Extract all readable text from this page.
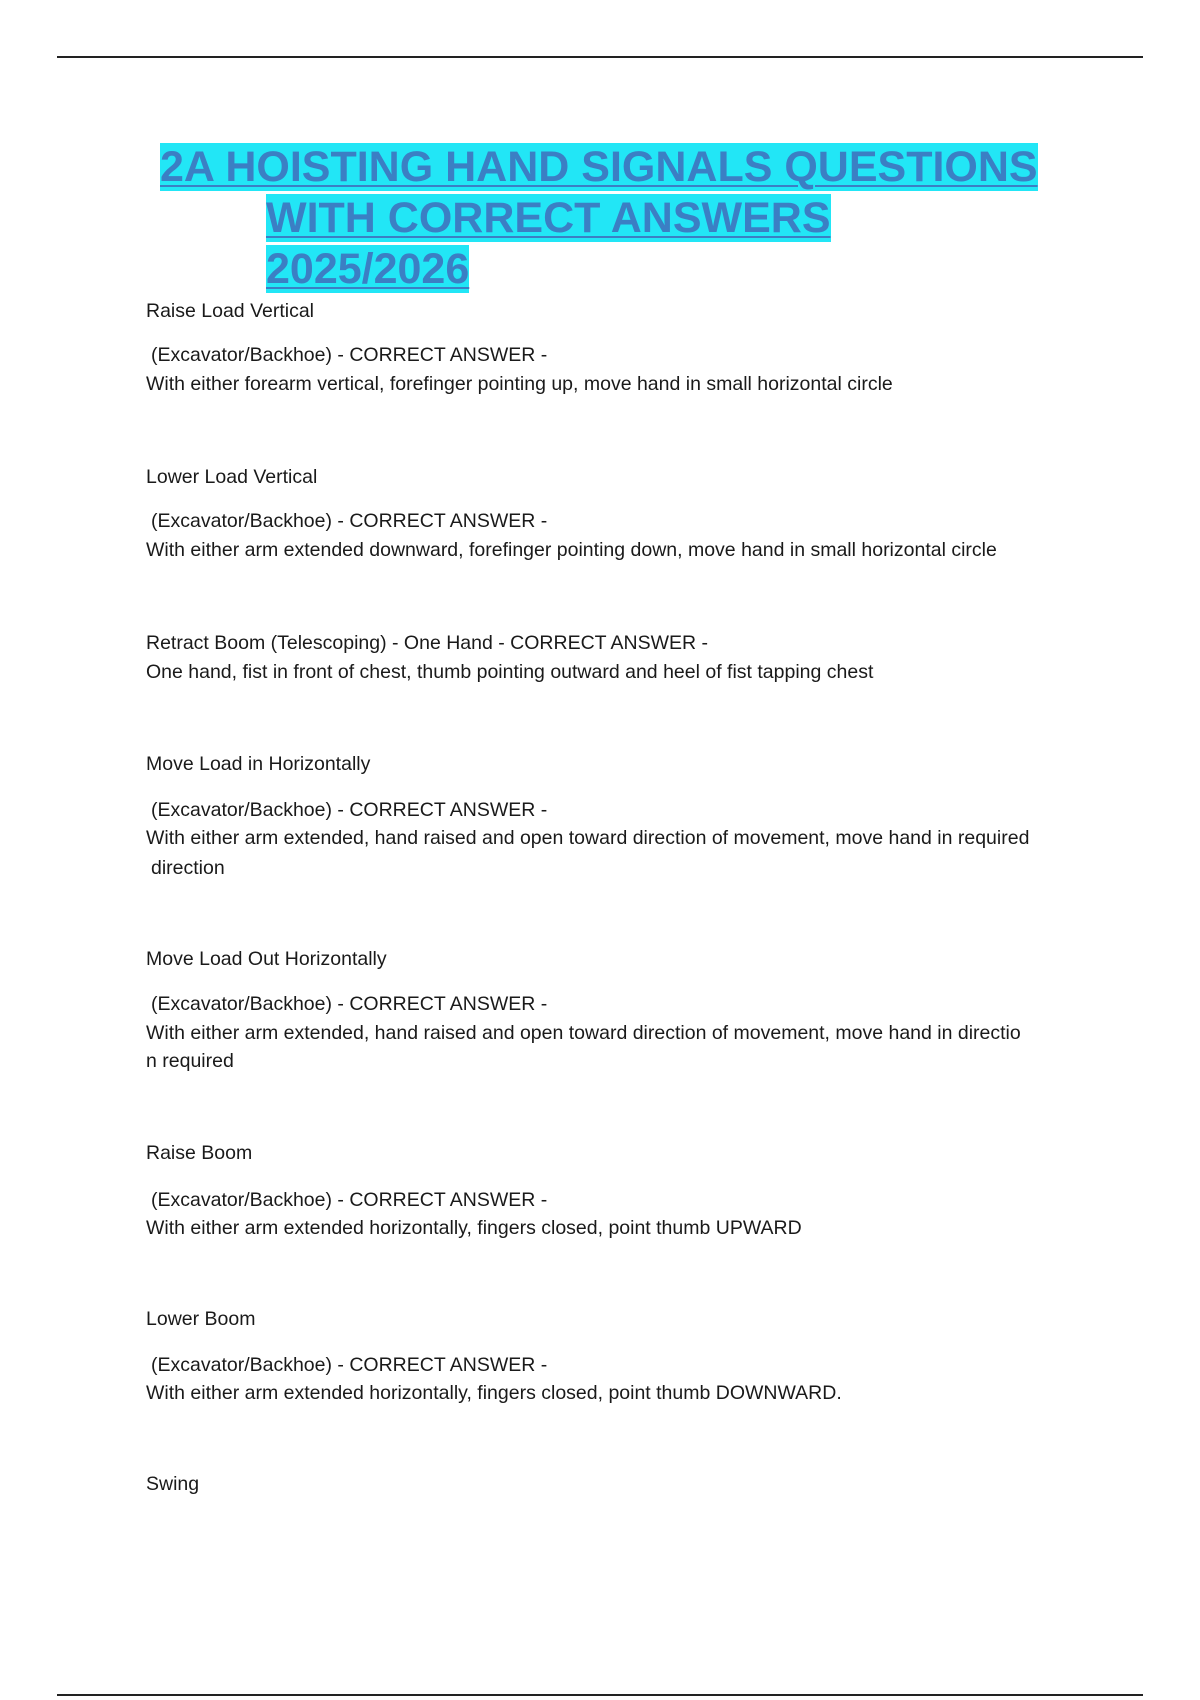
2A HOISTING HAND SIGNALS QUESTIONS
WITH CORRECT ANSWERS
2025/2026

Raise Load Vertical

(Excavator/Backhoe) - CORRECT ANSWER -

With either forearm vertical, forefinger pointing up, move hand in small horizontal circle

Lower Load Vertical

(Excavator/Backhoe) - CORRECT ANSWER -

With either arm extended downward, forefinger pointing down, move hand in small horizontal circle

Retract Boom (Telescoping) - One Hand - CORRECT ANSWER -

One hand, fist in front of chest, thumb pointing outward and heel of fist tapping chest

Move Load in Horizontally

(Excavator/Backhoe) - CORRECT ANSWER -

With either arm extended, hand raised and open toward direction of movement, move hand in required

direction

Move Load Out Horizontally

(Excavator/Backhoe) - CORRECT ANSWER -

With either arm extended, hand raised and open toward direction of movement, move hand in directio

n required

Raise Boom

(Excavator/Backhoe) - CORRECT ANSWER -

With either arm extended horizontally, fingers closed, point thumb UPWARD

Lower Boom

(Excavator/Backhoe) - CORRECT ANSWER -

With either arm extended horizontally, fingers closed, point thumb DOWNWARD.

Swing
